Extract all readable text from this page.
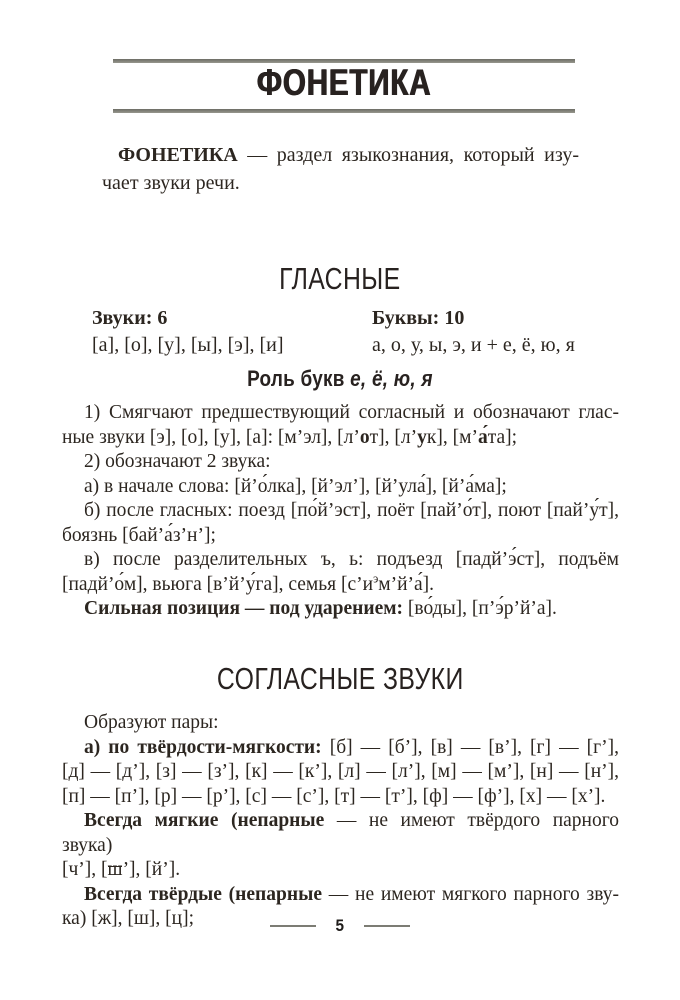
ФОНЕТИКА
ФОНЕТИКА — раздел языкознания, который изу-
чает звуки речи.
ГЛАСНЫЕ
Звуки: 6
[а], [о], [у], [ы], [э], [и]
Буквы: 10
а, о, у, ы, э, и + е, ё, ю, я
Роль букв е, ё, ю, я

1) Смягчают предшествующий согласный и обозначают глас-
ные звуки [э], [о], [у], [а]: [м’эл], [л’от], [л’ук], [м’а́та];

2) обозначают 2 звука:

а) в начале слова: [й’о́лка], [й’эл’], [й’ула́], [й’а́ма];

б) после гласных: поезд [по́й’эст], поёт [пай’о́т], поют [пай’у́т],
боязнь [бай’а́з’н’];

в) после разделительных ъ, ь: подъезд [падй’э́ст], подъём
[падй’о́м], вьюга [в’й’у́га], семья $[с’и^эм’й’а́]$.

Сильная позиция — под ударением: [во́ды], [п’э́р’й’а].

СОГЛАСНЫЕ ЗВУКИ

Образуют пары:

а) по твёрдости-мягкости: [б] — [б’], [в] — [в’], [г] — [г’],
[д] — [д’], [з] — [з’], [к] — [к’], [л] — [л’], [м] — [м’], [н] — [н’],
[п] — [п’], [р] — [р’], [с] — [с’], [т] — [т’], [ф] — [ф’], [х] — [х’].

Всегда мягкие (непарные — не имеют твёрдого парного звука)
[ч’], [ш’], [й’].

Всегда твёрдые (непарные — не имеют мягкого парного зву-
ка) [ж], [ш], [ц];	5
